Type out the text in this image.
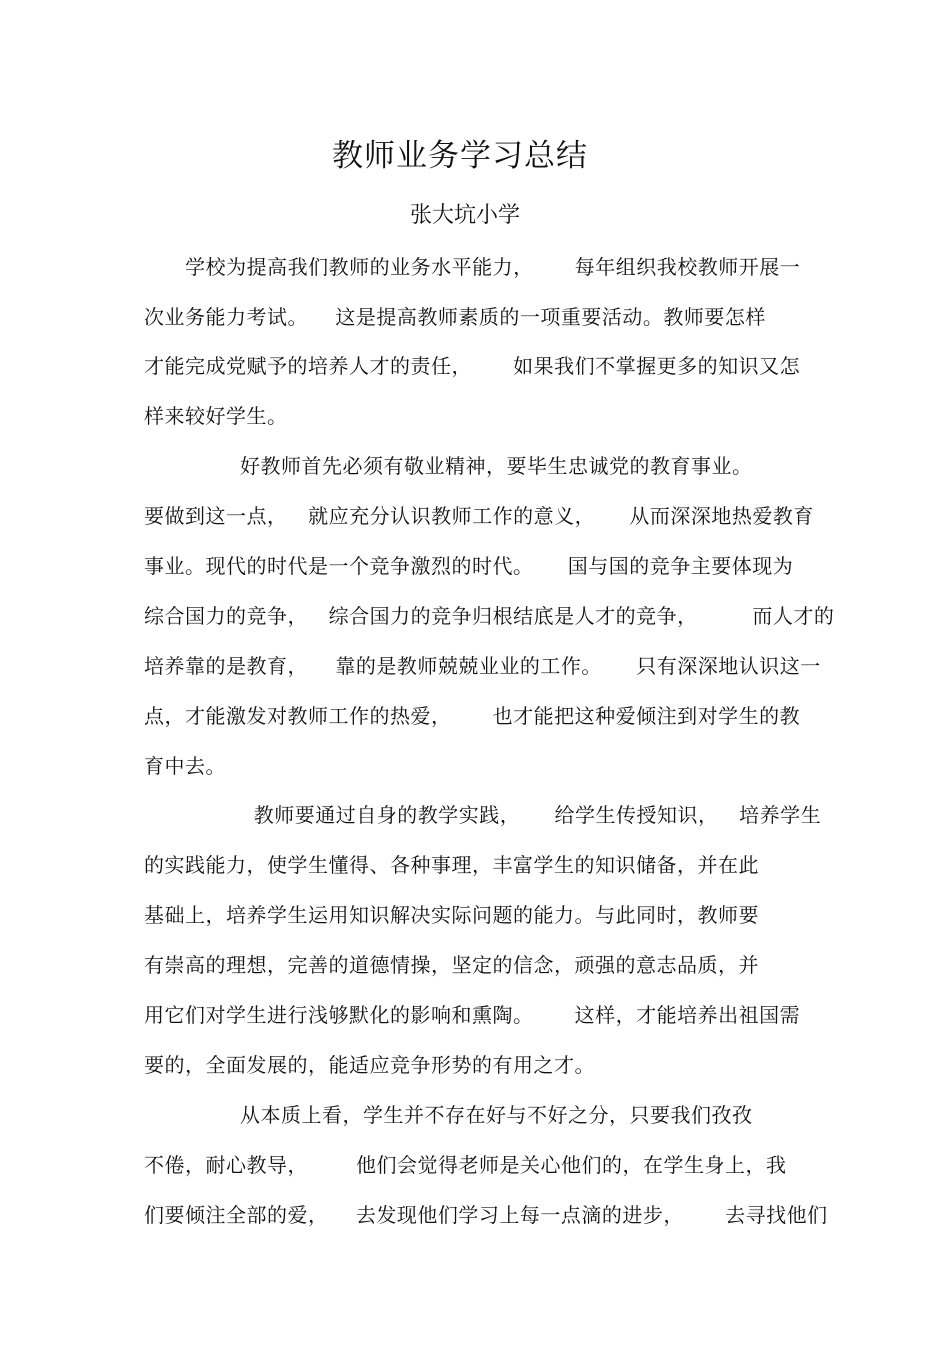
教师业务学习总结
张大坑小学
学校为提高我们教师的业务水平能力，      每年组织我校教师开展一
次业务能力考试。    这是提高教师素质的一项重要活动。教师要怎样
才能完成党赋予的培养人才的责任，      如果我们不掌握更多的知识又怎
样来较好学生。
好教师首先必须有敬业精神，要毕生忠诚党的教育事业。
要做到这一点，   就应充分认识教师工作的意义，     从而深深地热爱教育
事业。现代的时代是一个竞争激烈的时代。     国与国的竞争主要体现为
综合国力的竞争，   综合国力的竞争归根结底是人才的竞争，        而人才的
培养靠的是教育，    靠的是教师兢兢业业的工作。     只有深深地认识这一
点，才能激发对教师工作的热爱，      也才能把这种爱倾注到对学生的教
育中去。
教师要通过自身的教学实践，     给学生传授知识，   培养学生
的实践能力，使学生懂得、各种事理，丰富学生的知识储备，并在此
基础上，培养学生运用知识解决实际问题的能力。与此同时，教师要
有崇高的理想，完善的道德情操，坚定的信念，顽强的意志品质，并
用它们对学生进行浅够默化的影响和熏陶。      这样，才能培养出祖国需
要的，全面发展的，能适应竞争形势的有用之才。
从本质上看，学生并不存在好与不好之分，只要我们孜孜
不倦，耐心教导，       他们会觉得老师是关心他们的，在学生身上，我
们要倾注全部的爱，    去发现他们学习上每一点滴的进步，      去寻找他们
